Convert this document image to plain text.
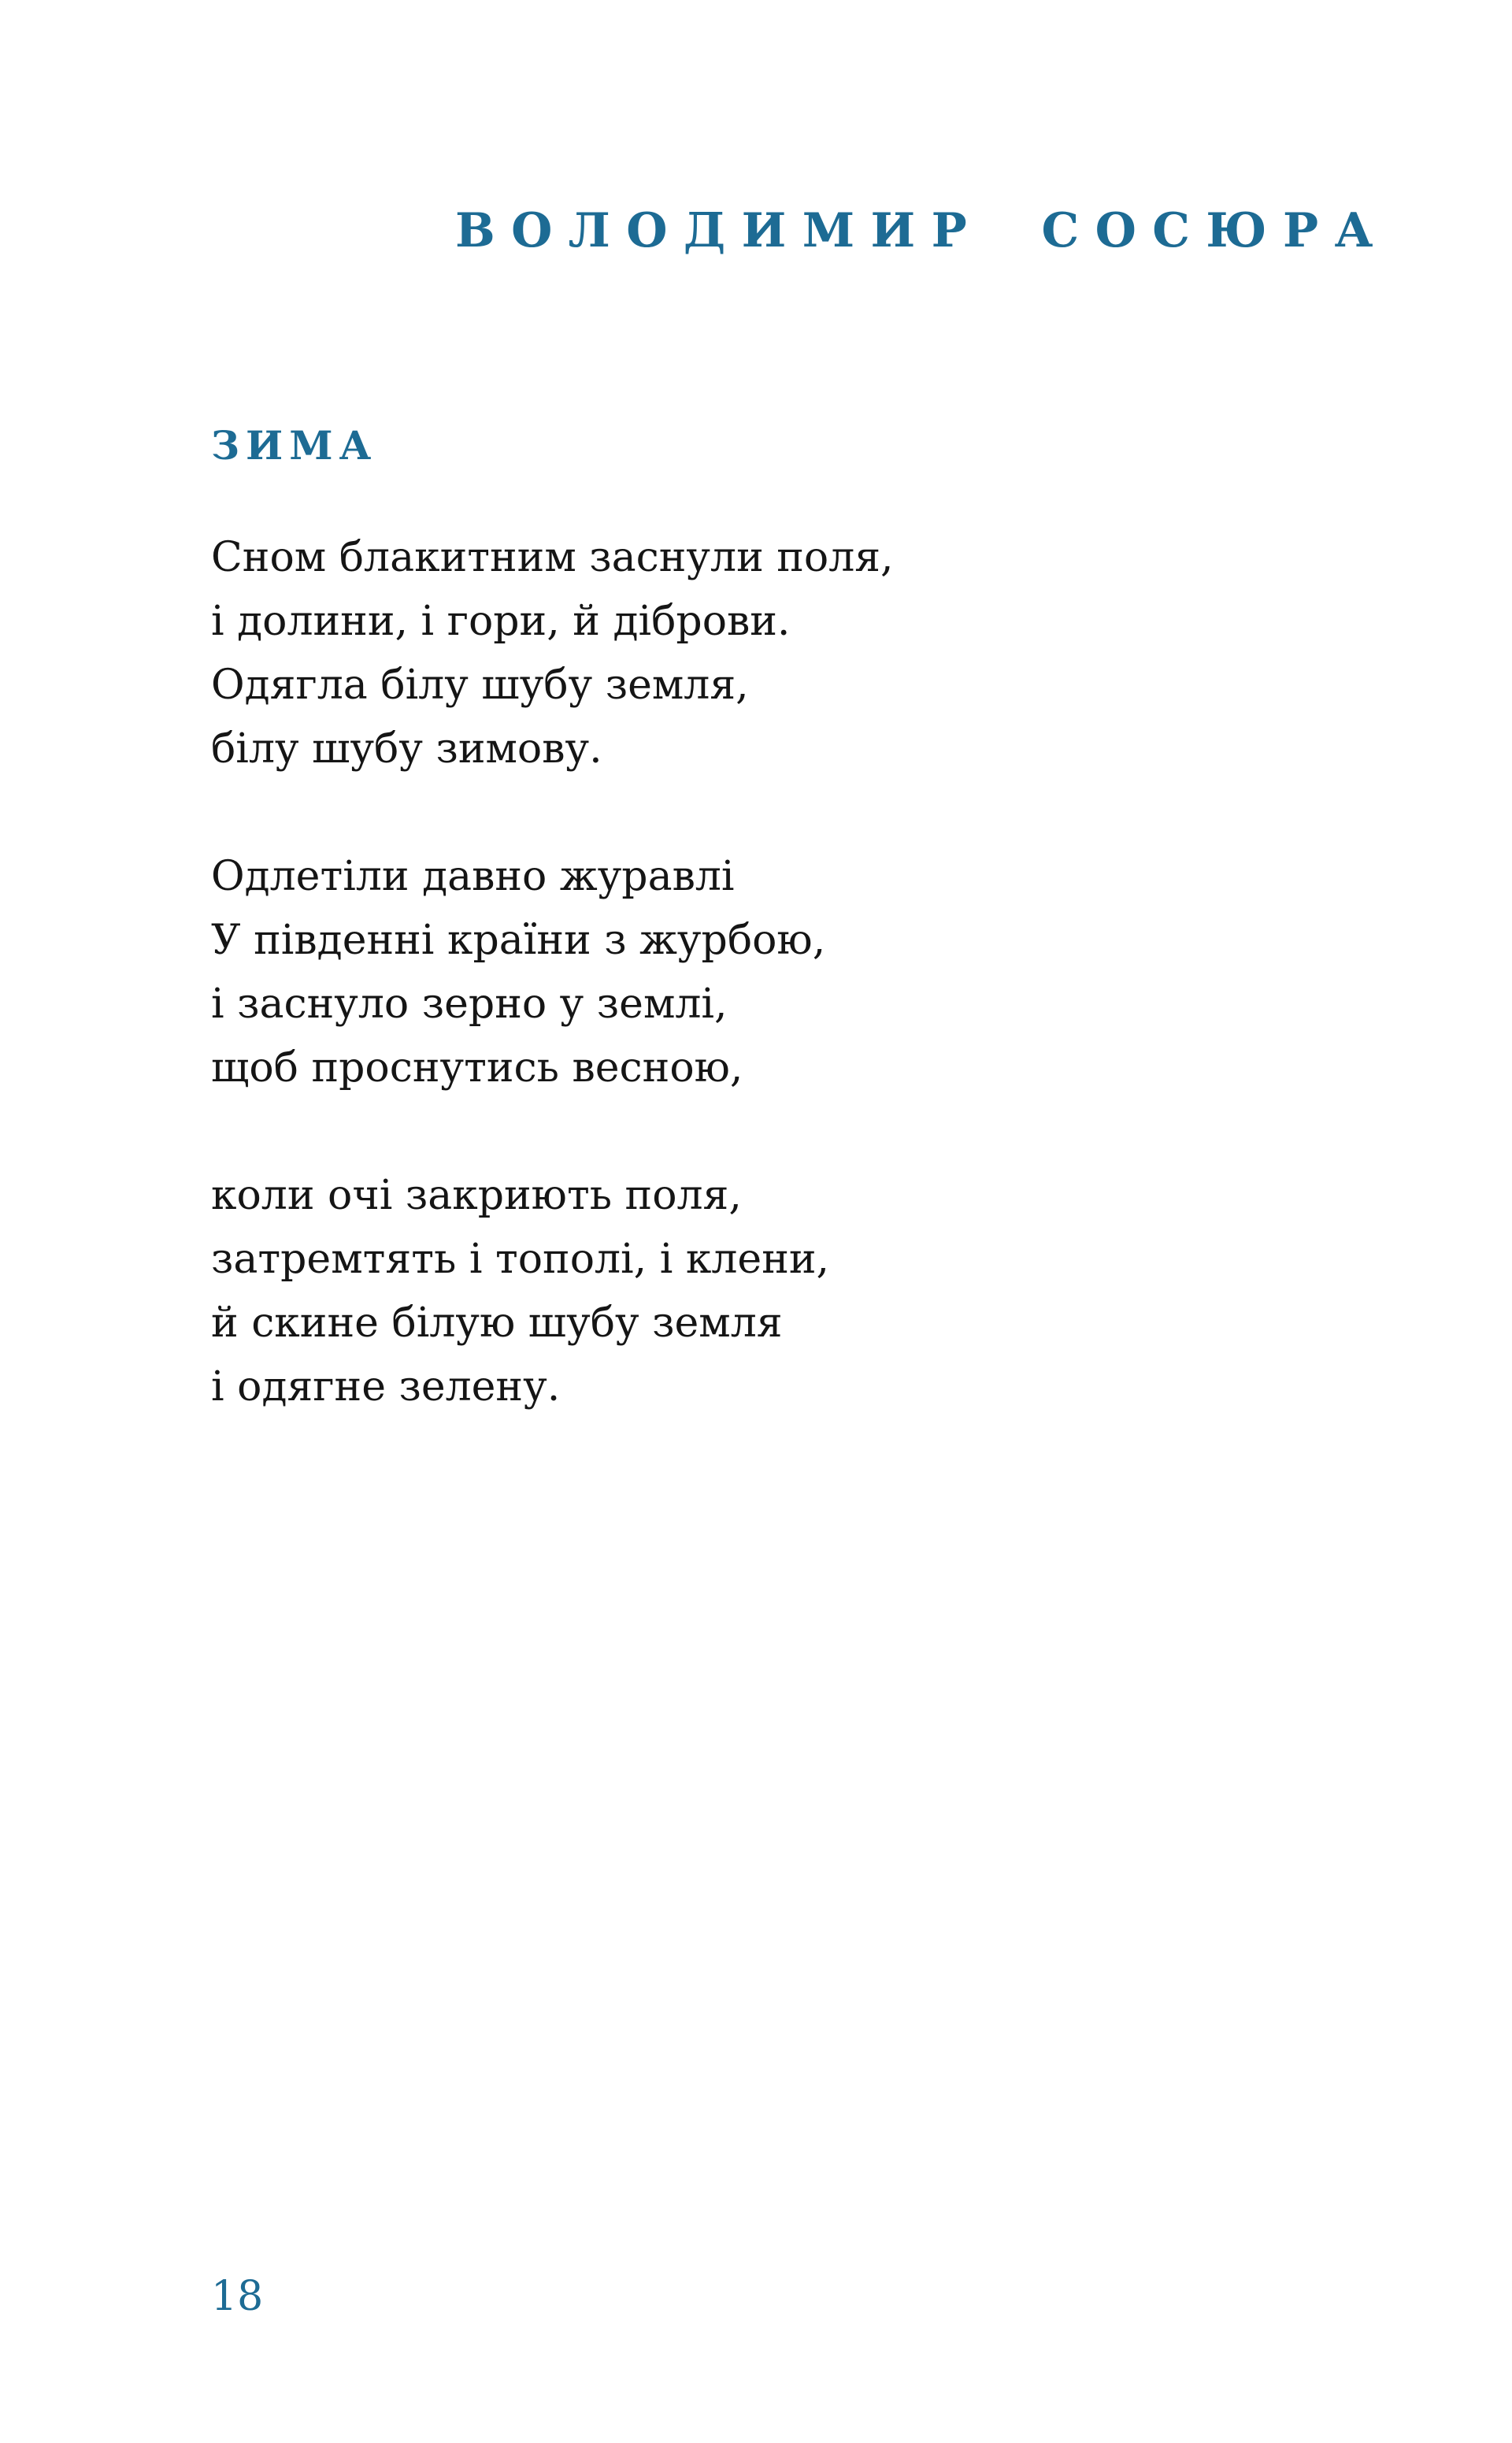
ВОЛОДИМИР СОСЮРА
ЗИМА
Сном блакитним заснули поля,
і долини, і гори, й діброви.
Одягла білу шубу земля,
білу шубу зимову.
Одлетіли давно журавлі
У південні країни з журбою,
і заснуло зерно у землі,
щоб проснутись весною,
коли очі закриють поля,
затремтять і тополі, і клени,
й скине білую шубу земля
і одягне зелену.
18
